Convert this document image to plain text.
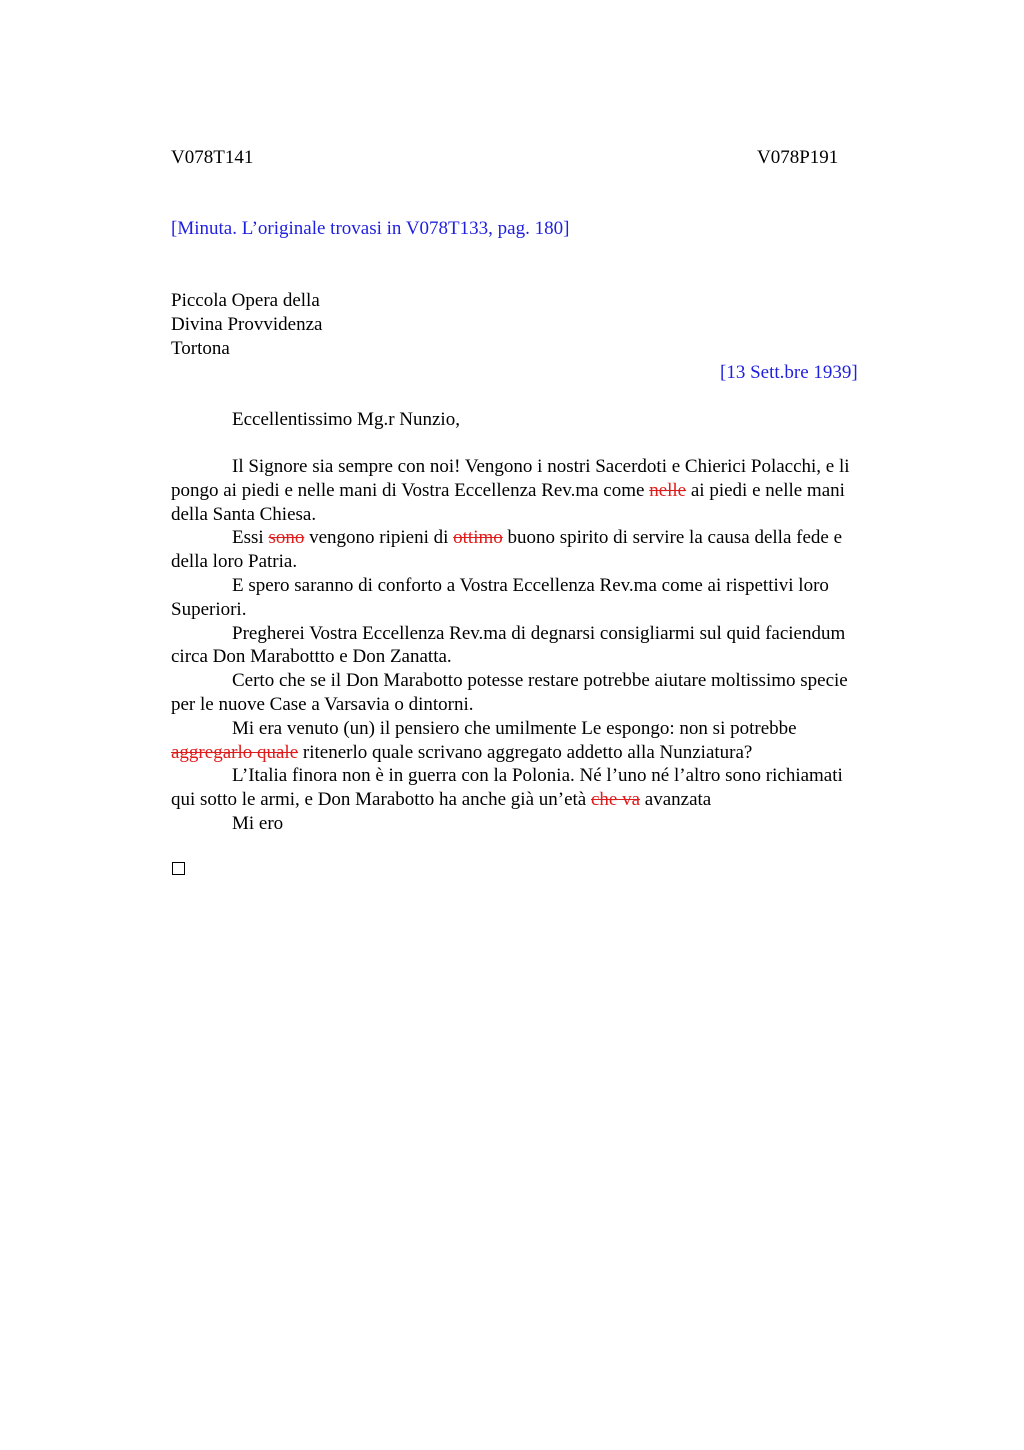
V078T141	V078P191
[Minuta. L’originale trovasi in V078T133, pag. 180]
Piccola Opera della
Divina Provvidenza
Tortona
[13 Sett.bre 1939]
Eccellentissimo Mg.r Nunzio,

Il Signore sia sempre con noi! Vengono i nostri Sacerdoti e Chierici Polacchi, e li

pongo ai piedi e nelle mani di Vostra Eccellenza Rev.ma come nelle ai piedi e nelle mani

della Santa Chiesa.

Essi sono vengono ripieni di ottimo buono spirito di servire la causa della fede e

della loro Patria.

E spero saranno di conforto a Vostra Eccellenza Rev.ma come ai rispettivi loro

Superiori.

Pregherei Vostra Eccellenza Rev.ma di degnarsi consigliarmi sul quid faciendum

circa Don Marabottto e Don Zanatta.

Certo che se il Don Marabotto potesse restare potrebbe aiutare moltissimo specie

per le nuove Case a Varsavia o dintorni.

Mi era venuto (un) il pensiero che umilmente Le espongo: non si potrebbe

aggregarlo quale ritenerlo quale scrivano aggregato addetto alla Nunziatura?

L’Italia finora non è in guerra con la Polonia. Né l’uno né l’altro sono richiamati

qui sotto le armi, e Don Marabotto ha anche già un’età che va avanzata

Mi ero
